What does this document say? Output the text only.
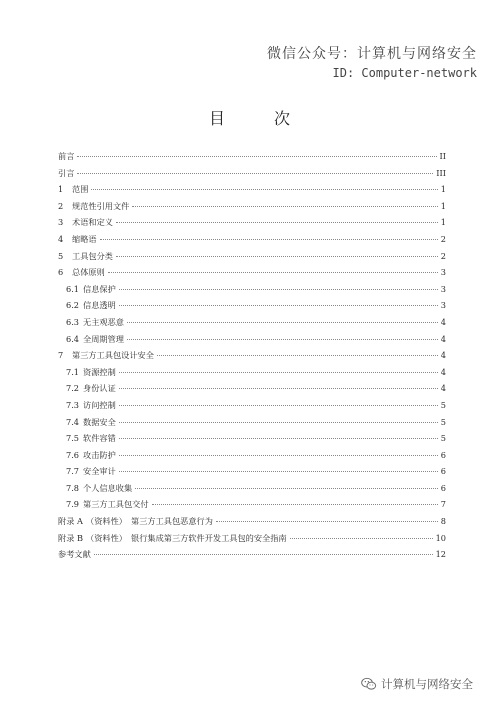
微信公众号：计算机与网络安全
ID: Computer-network
目 次
前言	II
引言	III
1	范围	1
2	规范性引用文件	1
3	术语和定义	1
4	缩略语	2
5	工具包分类	2
6	总体原则	3
6.1 信息保护	3
6.2 信息透明	3
6.3 无主观恶意	4
6.4 全周期管理	4
7	第三方工具包设计安全	4
7.1 资源控制	4
7.2 身份认证	4
7.3 访问控制	5
7.4 数据安全	5
7.5 软件容错	5
7.6 攻击防护	6
7.7 安全审计	6
7.8 个人信息收集	6
7.9 第三方工具包交付	7
附录 A （资料性）　第三方工具包恶意行为	8
附录 B （资料性）　银行集成第三方软件开发工具包的安全指南	10
参考文献	12
计算机与网络安全
